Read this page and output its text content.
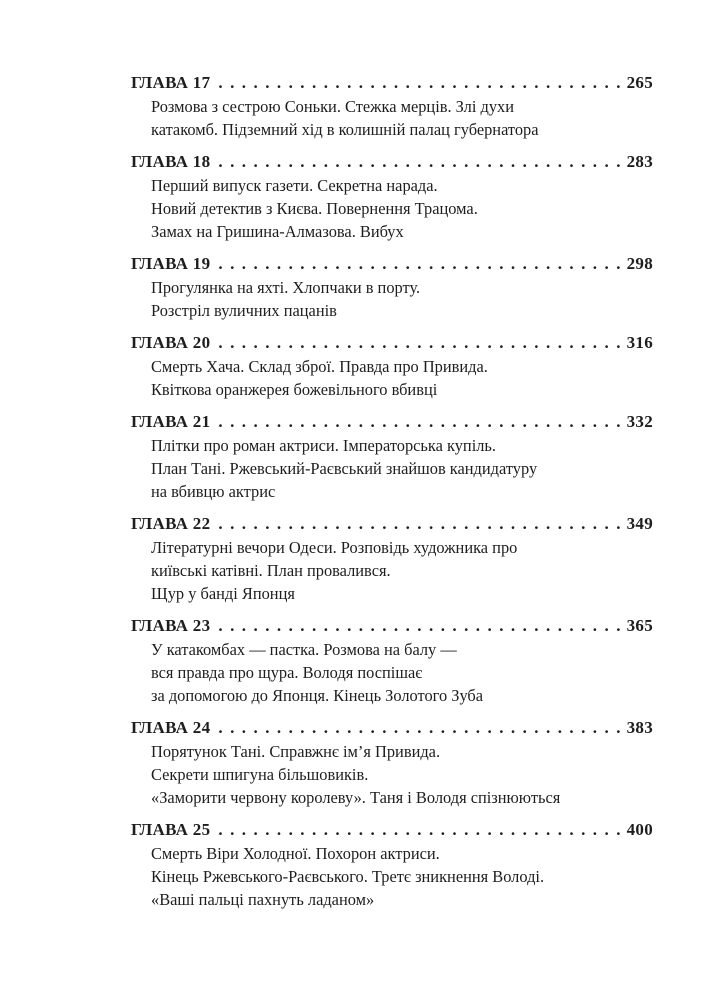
ГЛАВА 17 . . .	265
Розмова з сестрою Соньки. Стежка мерців. Злі духи
катакомб. Підземний хід в колишній палац губернатора
ГЛАВА 18 . . .	283
Перший випуск газети. Секретна нарада.
Новий детектив з Києва. Повернення Трацома.
Замах на Гришина-Алмазова. Вибух
ГЛАВА 19 . . .	298
Прогулянка на яхті. Хлопчаки в порту.
Розстріл вуличних пацанів
ГЛАВА 20 . . .	316
Смерть Хача. Склад зброї. Правда про Привида.
Квіткова оранжерея божевільного вбивці
ГЛАВА 21 . . .	332
Плітки про роман актриси. Імператорська купіль.
План Тані. Ржевський-Раєвський знайшов кандидатуру
на вбивцю актрис
ГЛАВА 22 . . .	349
Літературні вечори Одеси. Розповідь художника про
київські катівні. План провалився.
Щур у банді Японця
ГЛАВА 23 . . .	365
У катакомбах — пастка. Розмова на балу —
вся правда про щура. Володя поспішає
за допомогою до Японця. Кінець Золотого Зуба
ГЛАВА 24 . . .	383
Порятунок Тані. Справжнє ім’я Привида.
Секрети шпигуна більшовиків.
«Заморити червону королеву». Таня і Володя спізнюються
ГЛАВА 25 . . .	400
Смерть Віри Холодної. Похорон актриси.
Кінець Ржевського-Раєвського. Третє зникнення Володі.
«Ваші пальці пахнуть ладаном»
